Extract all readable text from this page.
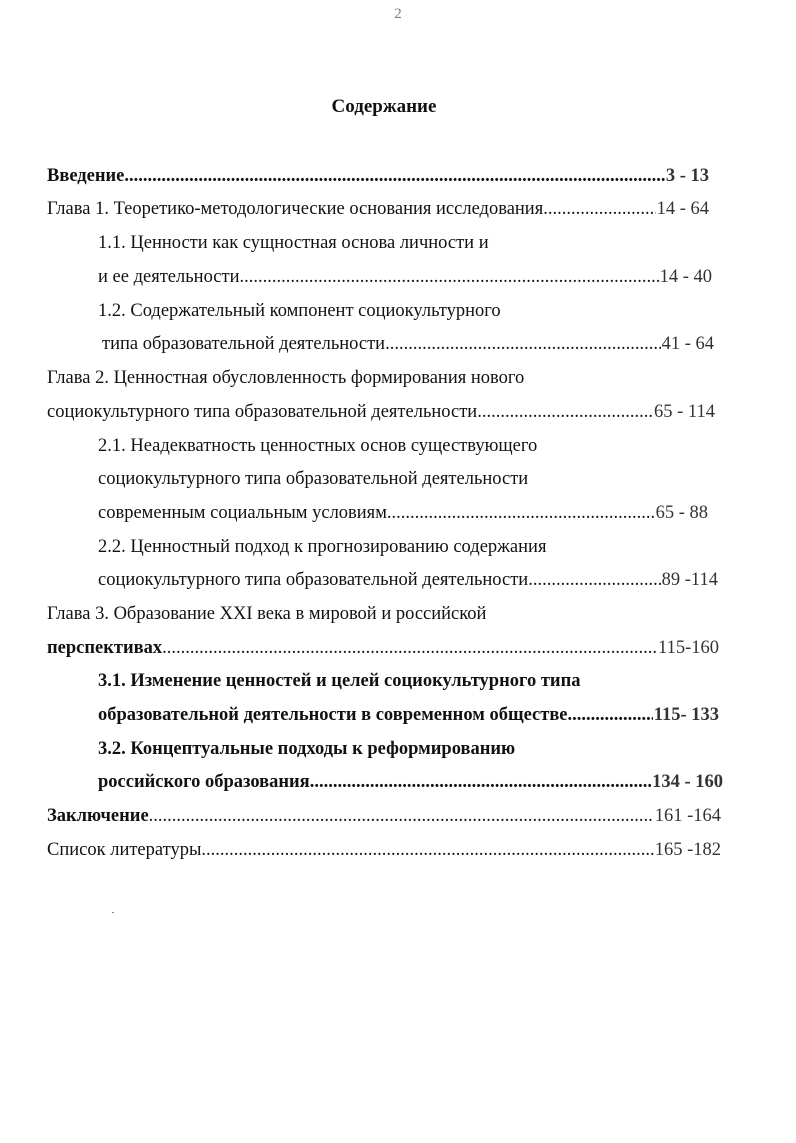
2
Содержание
Введение .....	3 - 13
Глава 1. Теоретико-методологические основания исследования .....	14 - 64
1.1. Ценности как сущностная основа личности и
и ее деятельности .....	14 - 40
1.2. Содержательный компонент социокультурного
типа образовательной деятельности .....	41 - 64
Глава 2. Ценностная обусловленность формирования нового
социокультурного типа образовательной деятельности .....	65 - 114
2.1. Неадекватность ценностных основ существующего
социокультурного типа образовательной деятельности
современным социальным условиям .....	65 - 88
2.2. Ценностный подход к прогнозированию содержания
социокультурного типа образовательной деятельности .....	89 -114
Глава 3. Образование XXI века в мировой и российской
перспективах .....	115-160
3.1. Изменение ценностей и целей социокультурного типа
образовательной деятельности в современном обществе .....	115- 133
3.2. Концептуальные подходы к реформированию
российского образования .....	134 - 160
Заключение .....	161 -164
Список литературы .....	165 -182
